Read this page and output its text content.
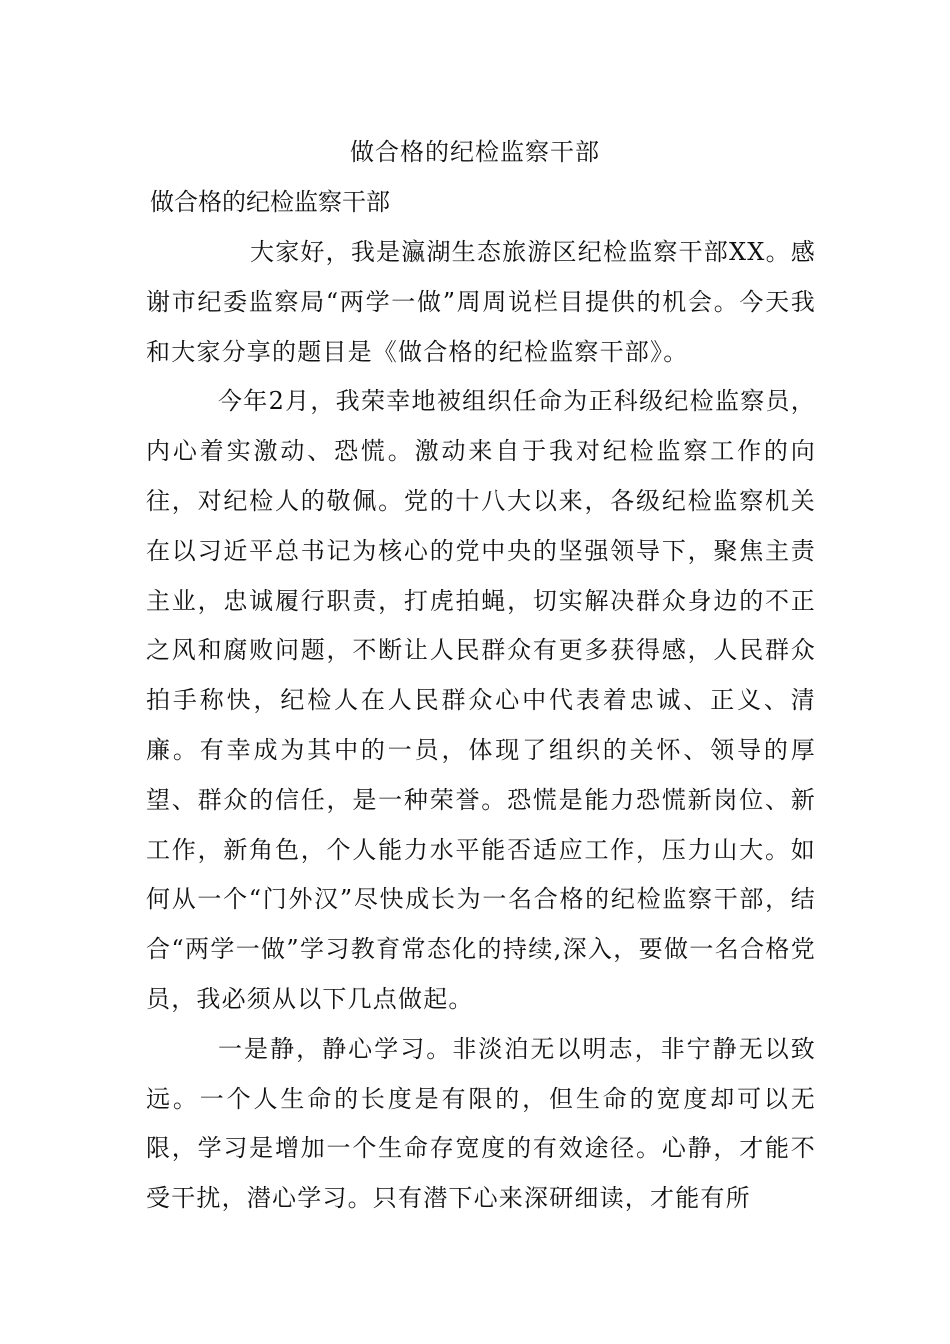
做合格的纪检监察干部
做合格的纪检监察干部

大家好，我是瀛湖生态旅游区纪检监察干部XX。感谢市纪委监察局“两学一做”周周说栏目提供的机会。今天我和大家分享的题目是《做合格的纪检监察干部》。

今年2月，我荣幸地被组织任命为正科级纪检监察员，内心着实激动、恐慌。激动来自于我对纪检监察工作的向往，对纪检人的敬佩。党的十八大以来，各级纪检监察机关在以习近平总书记为核心的党中央的坚强领导下，聚焦主责主业，忠诚履行职责，打虎拍蝇，切实解决群众身边的不正之风和腐败问题，不断让人民群众有更多获得感，人民群众拍手称快，纪检人在人民群众心中代表着忠诚、正义、清廉。有幸成为其中的一员，体现了组织的关怀、领导的厚望、群众的信任，是一种荣誉。恐慌是能力恐慌新岗位、新工作，新角色，个人能力水平能否适应工作，压力山大。如何从一个“门外汉”尽快成长为一名合格的纪检监察干部，结合“两学一做”学习教育常态化的持续,深入，要做一名合格党员，我必须从以下几点做起。

一是静，静心学习。非淡泊无以明志，非宁静无以致远。一个人生命的长度是有限的，但生命的宽度却可以无限，学习是增加一个生命存宽度的有效途径。心静，才能不受干扰，潜心学习。只有潜下心来深研细读，才能有所
